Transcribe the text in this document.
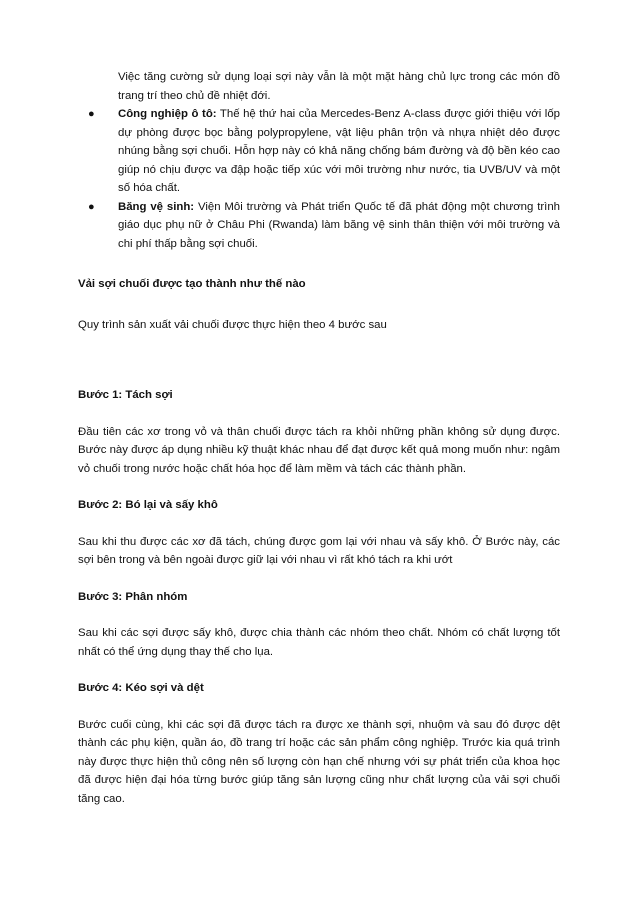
Việc tăng cường sử dụng loại sợi này vẫn là một mặt hàng chủ lực trong các món đồ trang trí theo chủ đề nhiệt đới.
● Công nghiệp ô tô: Thế hệ thứ hai của Mercedes-Benz A-class được giới thiệu với lốp dự phòng được bọc bằng polypropylene, vật liệu phân trộn và nhựa nhiệt dẻo được nhúng bằng sợi chuối. Hỗn hợp này có khả năng chống bám đường và độ bền kéo cao giúp nó chịu được va đập hoặc tiếp xúc với môi trường như nước, tia UVB/UV và một số hóa chất.
● Băng vệ sinh: Viện Môi trường và Phát triển Quốc tế đã phát động một chương trình giáo dục phụ nữ ở Châu Phi (Rwanda) làm băng vệ sinh thân thiện với môi trường và chi phí thấp bằng sợi chuối.

Vải sợi chuối được tạo thành như thế nào

Quy trình sản xuất vải chuối được thực hiện theo 4 bước sau

Bước 1: Tách sợi

Đầu tiên các xơ trong vỏ và thân chuối được tách ra khỏi những phần không sử dụng được. Bước này được áp dụng nhiều kỹ thuật khác nhau để đạt được kết quả mong muốn như: ngâm vỏ chuối trong nước hoặc chất hóa học để làm mềm và tách các thành phần.

Bước 2: Bó lại và sấy khô

Sau khi thu được các xơ đã tách, chúng được gom lại với nhau và sấy khô. Ở Bước này, các sợi bên trong và bên ngoài được giữ lại với nhau vì rất khó tách ra khi ướt

Bước 3: Phân nhóm

Sau khi các sợi được sấy khô, được chia thành các nhóm theo chất. Nhóm có chất lượng tốt nhất có thể ứng dụng thay thế cho lụa.

Bước 4: Kéo sợi và dệt

Bước cuối cùng, khi các sợi đã được tách ra được xe thành sợi, nhuộm và sau đó được dệt thành các phụ kiện, quần áo, đồ trang trí hoặc các sản phẩm công nghiệp. Trước kia quá trình này được thực hiện thủ công nên số lượng còn hạn chế nhưng với sự phát triển của khoa học đã được hiện đại hóa từng bước giúp tăng sản lượng cũng như chất lượng của vải sợi chuối tăng cao.
